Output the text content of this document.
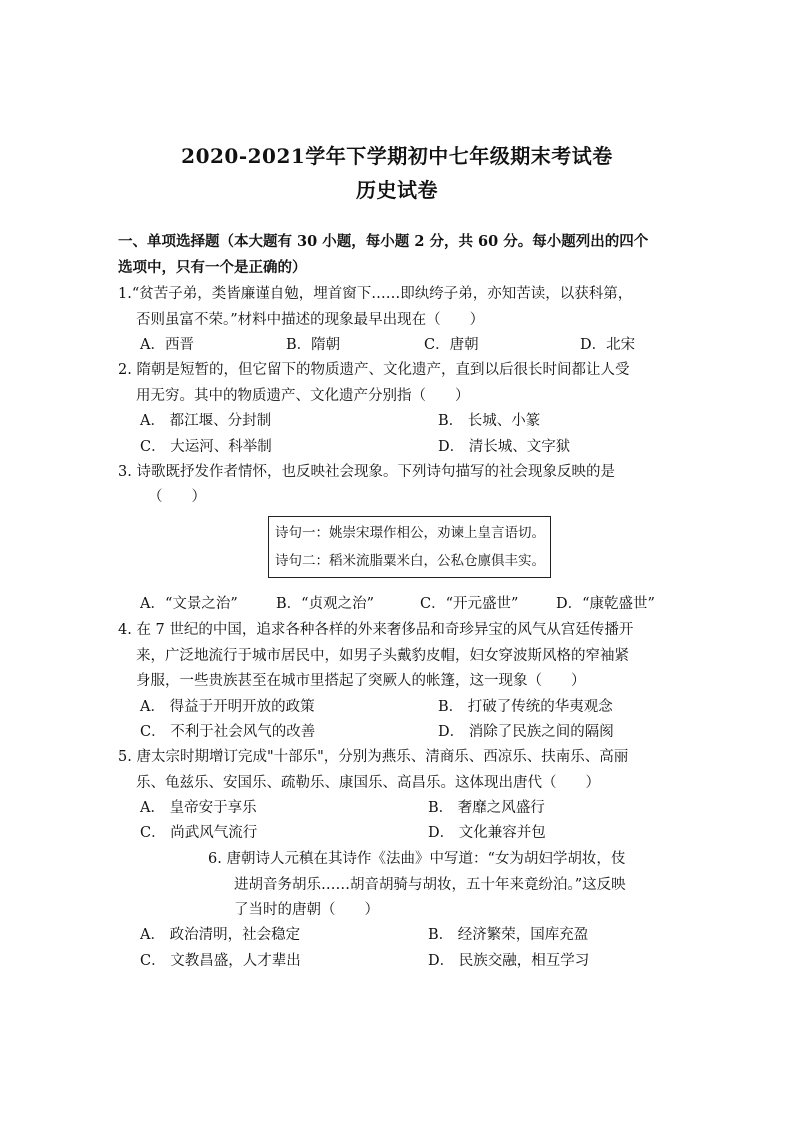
2020-2021学年下学期初中七年级期末考试卷
历史试卷
一、单项选择题（本大题有 30 小题，每小题 2 分，共 60 分。每小题列出的四个
选项中，只有一个是正确的）
1.“贫苦子弟，类皆廉谨自勉，埋首窗下……即纨绔子弟，亦知苦读，以获科第，
否则虽富不荣。”材料中描述的现象最早出现在（　　）
A．西晋	B．隋朝	C．唐朝	D．北宋
2. 隋朝是短暂的，但它留下的物质遗产、文化遗产，直到以后很长时间都让人受
用无穷。其中的物质遗产、文化遗产分别指（　　）
A． 都江堰、分封制	B． 长城、小篆
C． 大运河、科举制	D． 清长城、文字狱
3. 诗歌既抒发作者情怀，也反映社会现象。下列诗句描写的社会现象反映的是
（　　）
诗句一：姚崇宋璟作相公，劝谏上皇言语切。
诗句二：稻米流脂粟米白，公私仓廪俱丰实。
A．“文景之治”	B．“贞观之治”	C．“开元盛世”	D．“康乾盛世”
4. 在 7 世纪的中国，追求各种各样的外来奢侈品和奇珍异宝的风气从宫廷传播开
来，广泛地流行于城市居民中，如男子头戴豹皮帽，妇女穿波斯风格的窄袖紧
身服，一些贵族甚至在城市里搭起了突厥人的帐篷，这一现象（　　）
A． 得益于开明开放的政策	B． 打破了传统的华夷观念
C． 不利于社会风气的改善	D． 消除了民族之间的隔阂
5. 唐太宗时期增订完成"十部乐"，分别为燕乐、清商乐、西凉乐、扶南乐、高丽
乐、龟兹乐、安国乐、疏勒乐、康国乐、高昌乐。这体现出唐代（　　）
A． 皇帝安于享乐	B． 奢靡之风盛行
C． 尚武风气流行	D． 文化兼容并包
6. 唐朝诗人元稹在其诗作《法曲》中写道：“女为胡妇学胡妆，伎
进胡音务胡乐……胡音胡骑与胡妆，五十年来竟纷泊。”这反映
了当时的唐朝（　　）
A． 政治清明，社会稳定	B． 经济繁荣，国库充盈
C． 文教昌盛，人才辈出	D． 民族交融，相互学习
